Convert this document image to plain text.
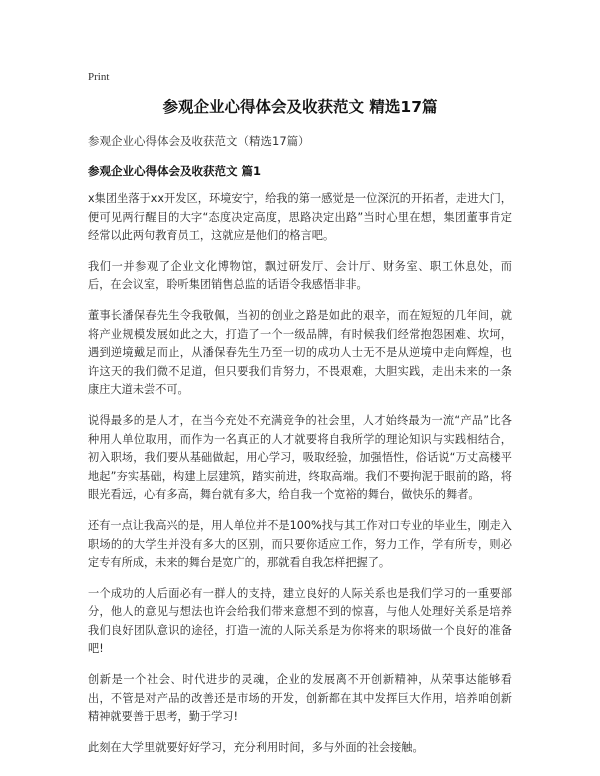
Print
参观企业心得体会及收获范文 精选17篇
参观企业心得体会及收获范文（精选17篇）
参观企业心得体会及收获范文 篇1

x集团坐落于xx开发区，环境安宁，给我的第一感觉是一位深沉的开拓者，走进大门，便可见两行醒目的大字“态度决定高度，思路决定出路”当时心里在想，集团董事肯定经常以此两句教育员工，这就应是他们的格言吧。

我们一并参观了企业文化博物馆，飘过研发厅、会计厅、财务室、职工休息处，而后，在会议室，聆听集团销售总监的话语令我感悟非非。

董事长潘保春先生令我敬佩，当初的创业之路是如此的艰辛，而在短短的几年间，就将产业规模发展如此之大，打造了一个一级品牌，有时候我们经常抱怨困难、坎坷，遇到逆境戴足而止，从潘保春先生乃至一切的成功人士无不是从逆境中走向辉煌，也许这天的我们微不足道，但只要我们肯努力，不畏艰难，大胆实践，走出未来的一条康庄大道未尝不可。

说得最多的是人才，在当今充处不充满竞争的社会里，人才始终最为一流“产品”比各种用人单位取用，而作为一名真正的人才就要将自我所学的理论知识与实践相结合，初入职场，我们要从基础做起，用心学习，吸取经验，加强悟性，俗话说“万丈高楼平地起”夯实基础，构建上层建筑，踏实前进，终取高端。我们不要拘泥于眼前的路，将眼光看远，心有多高，舞台就有多大，给自我一个宽裕的舞台，做快乐的舞者。

还有一点让我高兴的是，用人单位并不是100%找与其工作对口专业的毕业生，刚走入职场的的大学生并没有多大的区别，而只要你适应工作，努力工作，学有所专，则必定专有所成，未来的舞台是宽广的，那就看自我怎样把握了。

一个成功的人后面必有一群人的支持，建立良好的人际关系也是我们学习的一重要部分，他人的意见与想法也许会给我们带来意想不到的惊喜，与他人处理好关系是培养我们良好团队意识的途径，打造一流的人际关系是为你将来的职场做一个良好的准备吧!

创新是一个社会、时代进步的灵魂，企业的发展离不开创新精神，从荣事达能够看出，不管是对产品的改善还是市场的开发，创新都在其中发挥巨大作用，培养咱创新精神就要善于思考，勤于学习!

此刻在大学里就要好好学习，充分利用时间，多与外面的社会接触。
